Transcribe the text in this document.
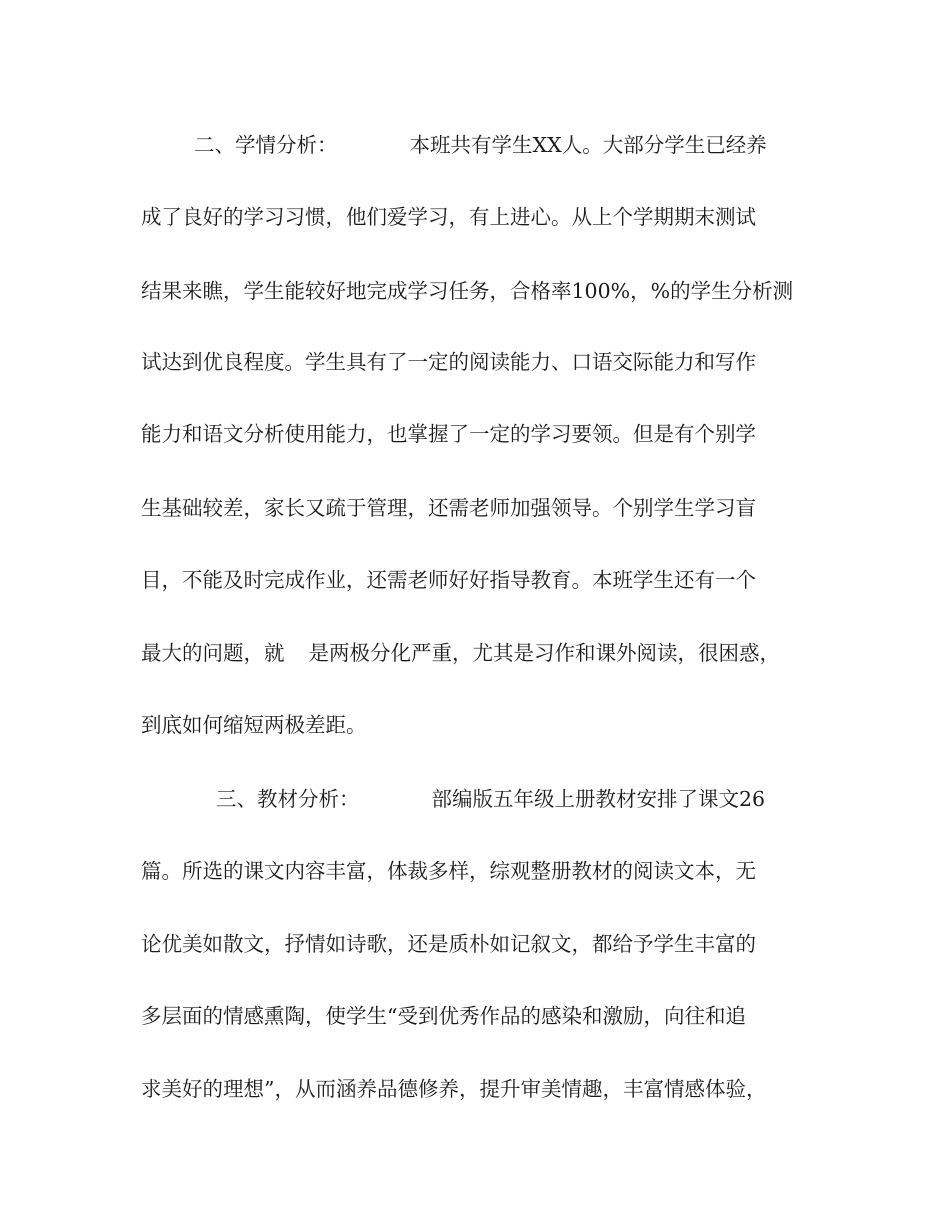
二、学情分析：	本班共有学生XX人。大部分学生已经养
成了良好的学习习惯，他们爱学习，有上进心。从上个学期期末测试
结果来瞧，学生能较好地完成学习任务，合格率100%，%的学生分析测
试达到优良程度。学生具有了一定的阅读能力、口语交际能力和写作
能力和语文分析使用能力，也掌握了一定的学习要领。但是有个别学
生基础较差，家长又疏于管理，还需老师加强领导。个别学生学习盲
目，不能及时完成作业，还需老师好好指导教育。本班学生还有一个
最大的问题，就 是两极分化严重，尤其是习作和课外阅读，很困惑，
到底如何缩短两极差距。
三、教材分析：	部编版五年级上册教材安排了课文26
篇。所选的课文内容丰富，体裁多样，综观整册教材的阅读文本，无
论优美如散文，抒情如诗歌，还是质朴如记叙文，都给予学生丰富的
多层面的情感熏陶，使学生“受到优秀作品的感染和激励，向往和追
求美好的理想”，从而涵养品德修养，提升审美情趣，丰富情感体验，
